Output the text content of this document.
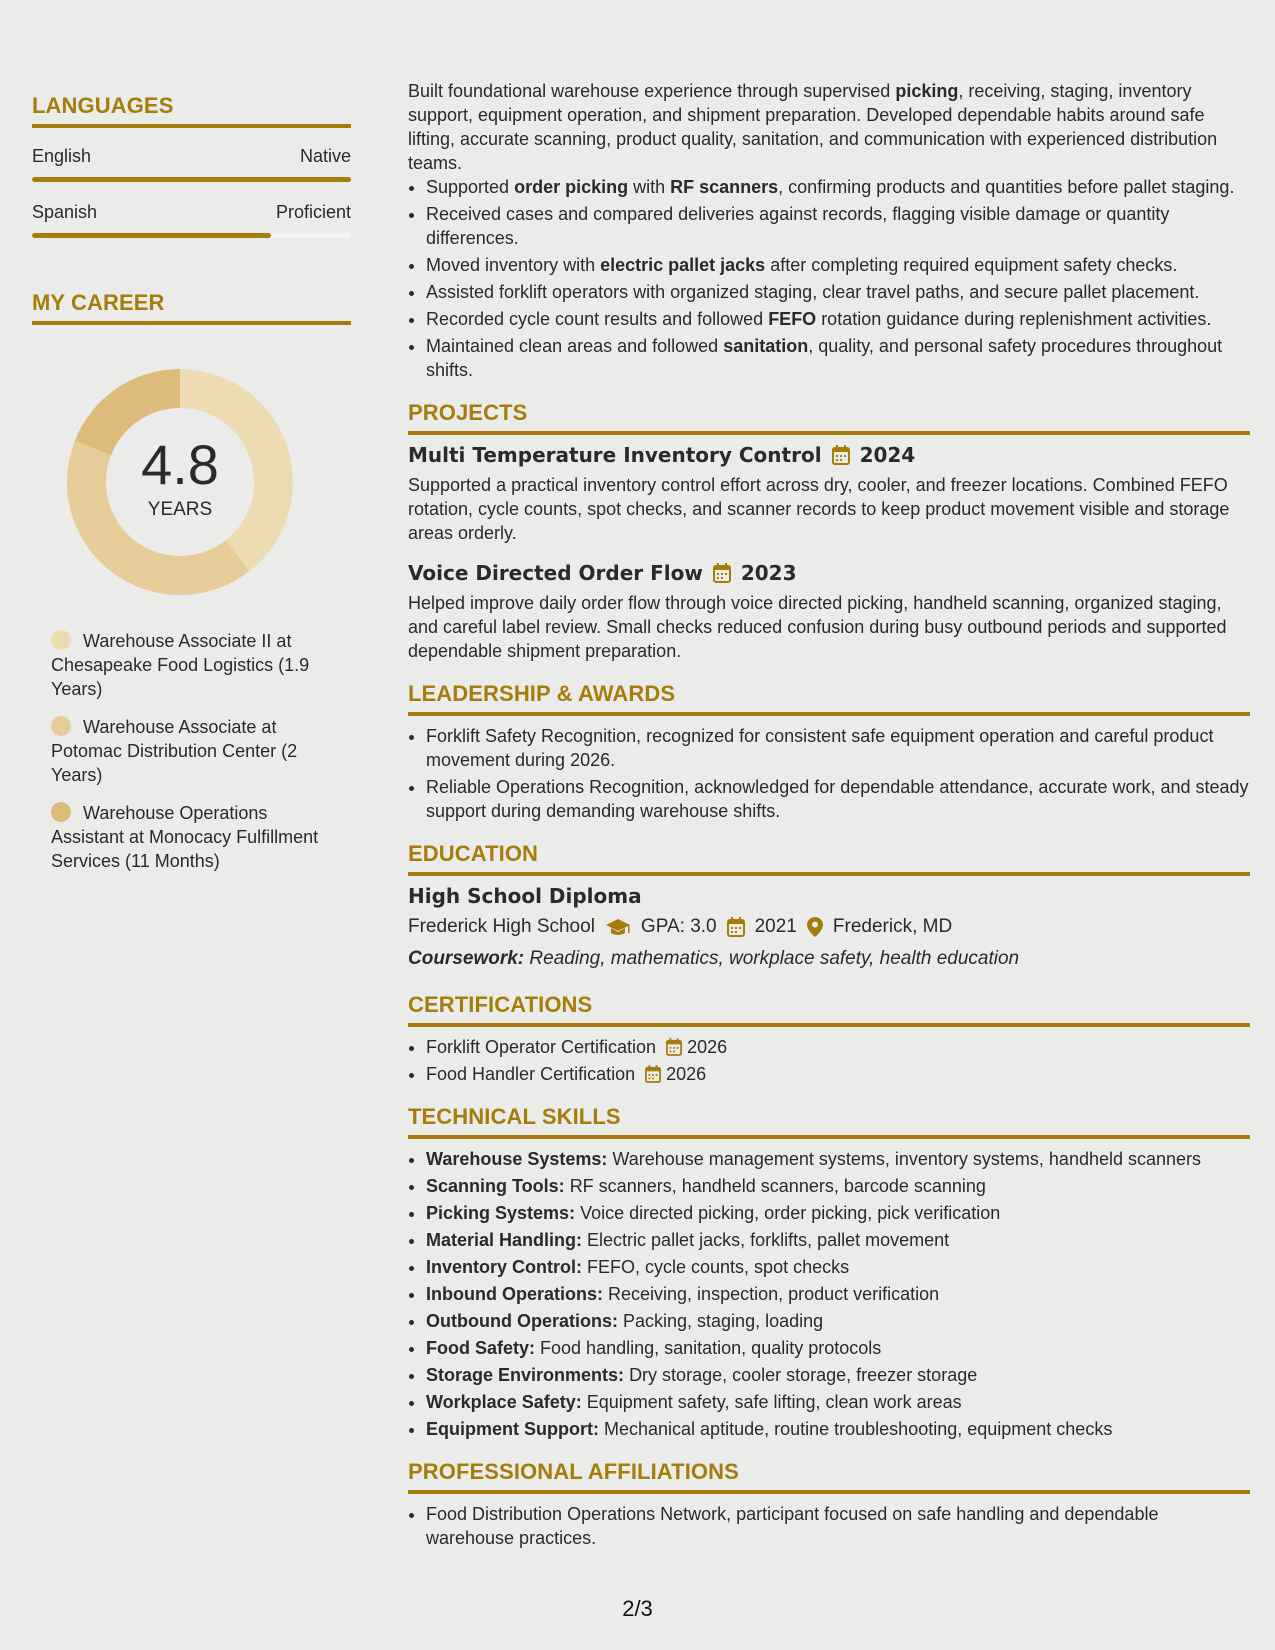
LANGUAGES
English	Native
Spanish	Proficient
MY CAREER
4.8
YEARS
Warehouse Associate II at Chesapeake Food Logistics (1.9 Years)
Warehouse Associate at Potomac Distribution Center (2 Years)
Warehouse Operations Assistant at Monocacy Fulfillment Services (11 Months)

Built foundational warehouse experience through supervised picking, receiving, staging, inventory support, equipment operation, and shipment preparation. Developed dependable habits around safe lifting, accurate scanning, product quality, sanitation, and communication with experienced distribution teams.

• Supported order picking with RF scanners, confirming products and quantities before pallet staging.
• Received cases and compared deliveries against records, flagging visible damage or quantity differences.
• Moved inventory with electric pallet jacks after completing required equipment safety checks.
• Assisted forklift operators with organized staging, clear travel paths, and secure pallet placement.
• Recorded cycle count results and followed FEFO rotation guidance during replenishment activities.
• Maintained clean areas and followed sanitation, quality, and personal safety procedures throughout shifts.
PROJECTS
Multi Temperature Inventory Control 2024

Supported a practical inventory control effort across dry, cooler, and freezer locations. Combined FEFO rotation, cycle counts, spot checks, and scanner records to keep product movement visible and storage areas orderly.

Voice Directed Order Flow 2023

Helped improve daily order flow through voice directed picking, handheld scanning, organized staging, and careful label review. Small checks reduced confusion during busy outbound periods and supported dependable shipment preparation.

LEADERSHIP & AWARDS
• Forklift Safety Recognition, recognized for consistent safe equipment operation and careful product movement during 2026.
• Reliable Operations Recognition, acknowledged for dependable attendance, accurate work, and steady support during demanding warehouse shifts.
EDUCATION
High School Diploma
Frederick High School GPA: 3.0 2021 Frederick, MD
Coursework: Reading, mathematics, workplace safety, health education
CERTIFICATIONS
• Forklift Operator Certification 2026
• Food Handler Certification 2026
TECHNICAL SKILLS
• Warehouse Systems: Warehouse management systems, inventory systems, handheld scanners
• Scanning Tools: RF scanners, handheld scanners, barcode scanning
• Picking Systems: Voice directed picking, order picking, pick verification
• Material Handling: Electric pallet jacks, forklifts, pallet movement
• Inventory Control: FEFO, cycle counts, spot checks
• Inbound Operations: Receiving, inspection, product verification
• Outbound Operations: Packing, staging, loading
• Food Safety: Food handling, sanitation, quality protocols
• Storage Environments: Dry storage, cooler storage, freezer storage
• Workplace Safety: Equipment safety, safe lifting, clean work areas
• Equipment Support: Mechanical aptitude, routine troubleshooting, equipment checks
PROFESSIONAL AFFILIATIONS
• Food Distribution Operations Network, participant focused on safe handling and dependable warehouse practices.
2/3
